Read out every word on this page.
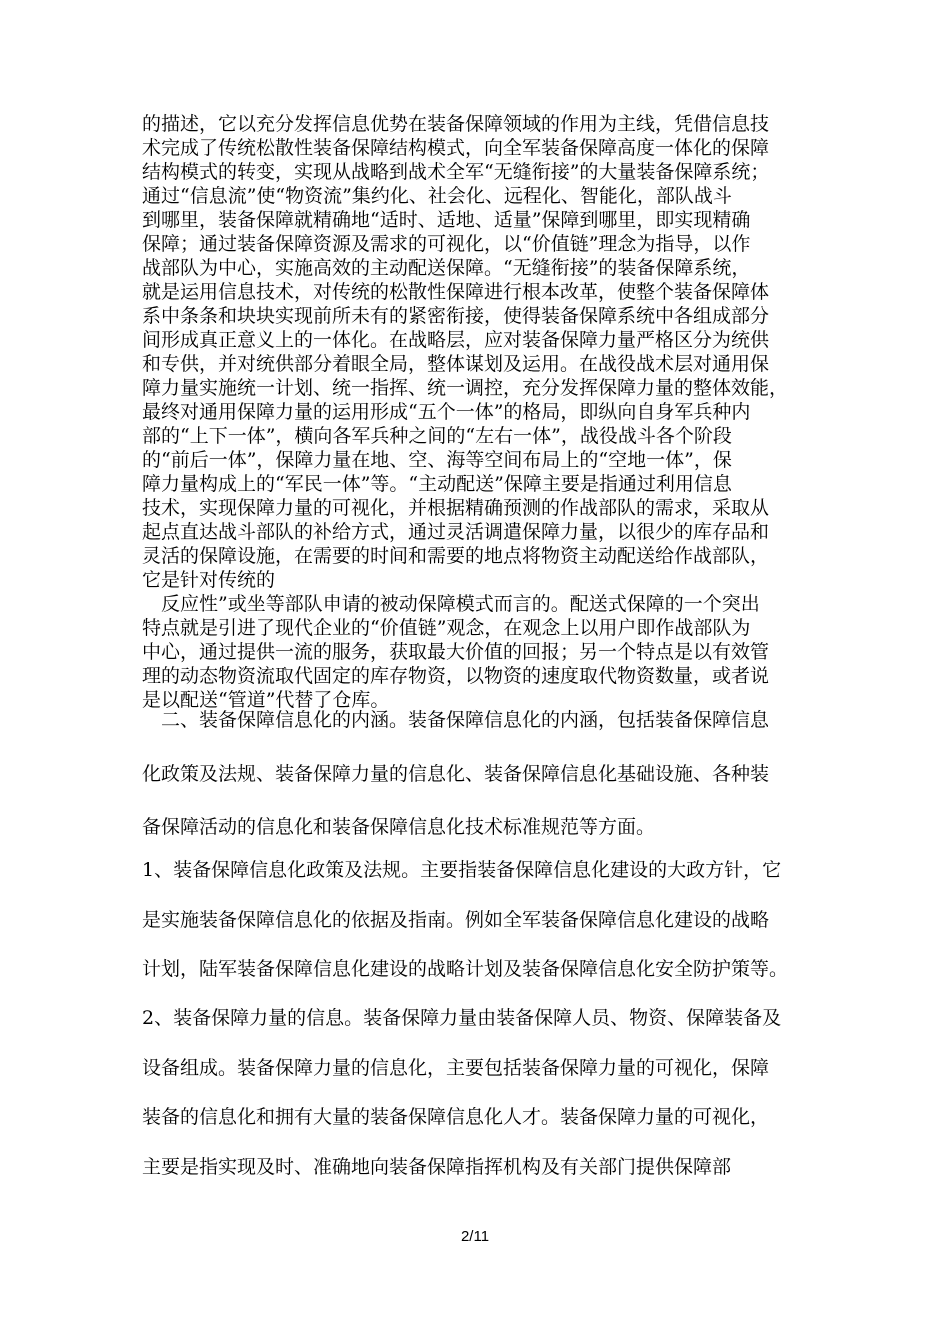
的描述，它以充分发挥信息优势在装备保障领域的作用为主线，凭借信息技
术完成了传统松散性装备保障结构模式，向全军装备保障高度一体化的保障
结构模式的转变，实现从战略到战术全军“无缝衔接”的大量装备保障系统；
通过“信息流”使“物资流”集约化、社会化、远程化、智能化，部队战斗
到哪里，装备保障就精确地“适时、适地、适量”保障到哪里，即实现精确
保障；通过装备保障资源及需求的可视化，以“价值链”理念为指导，以作
战部队为中心，实施高效的主动配送保障。“无缝衔接”的装备保障系统，
就是运用信息技术，对传统的松散性保障进行根本改革，使整个装备保障体
系中条条和块块实现前所未有的紧密衔接，使得装备保障系统中各组成部分
间形成真正意义上的一体化。在战略层，应对装备保障力量严格区分为统供
和专供，并对统供部分着眼全局，整体谋划及运用。在战役战术层对通用保
障力量实施统一计划、统一指挥、统一调控，充分发挥保障力量的整体效能，
最终对通用保障力量的运用形成“五个一体”的格局，即纵向自身军兵种内
部的“上下一体”，横向各军兵种之间的“左右一体”，战役战斗各个阶段
的“前后一体”，保障力量在地、空、海等空间布局上的“空地一体”，保
障力量构成上的“军民一体”等。“主动配送”保障主要是指通过利用信息
技术，实现保障力量的可视化，并根据精确预测的作战部队的需求，采取从
起点直达战斗部队的补给方式，通过灵活调遣保障力量，以很少的库存品和
灵活的保障设施，在需要的时间和需要的地点将物资主动配送给作战部队，
它是针对传统的
　反应性”或坐等部队申请的被动保障模式而言的。配送式保障的一个突出
特点就是引进了现代企业的“价值链”观念，在观念上以用户即作战部队为
中心，通过提供一流的服务，获取最大价值的回报；另一个特点是以有效管
理的动态物资流取代固定的库存物资，以物资的速度取代物资数量，或者说
是以配送“管道”代替了仓库。
　二、装备保障信息化的内涵。装备保障信息化的内涵，包括装备保障信息
化政策及法规、装备保障力量的信息化、装备保障信息化基础设施、各种装
备保障活动的信息化和装备保障信息化技术标准规范等方面。
1、装备保障信息化政策及法规。主要指装备保障信息化建设的大政方针，它
是实施装备保障信息化的依据及指南。例如全军装备保障信息化建设的战略
计划，陆军装备保障信息化建设的战略计划及装备保障信息化安全防护策等。
2、装备保障力量的信息。装备保障力量由装备保障人员、物资、保障装备及
设备组成。装备保障力量的信息化，主要包括装备保障力量的可视化，保障
装备的信息化和拥有大量的装备保障信息化人才。装备保障力量的可视化，
主要是指实现及时、准确地向装备保障指挥机构及有关部门提供保障部
2/11
